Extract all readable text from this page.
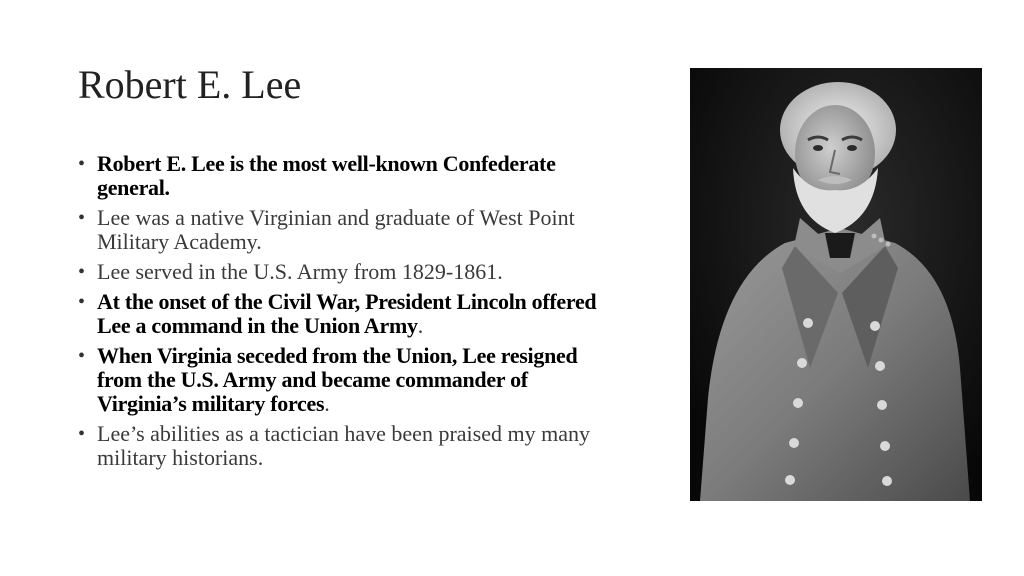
Robert E. Lee
• Robert E. Lee is the most well-known Confederate general.
• Lee was a native Virginian and graduate of West Point Military Academy.
• Lee served in the U.S. Army from 1829-1861.
• At the onset of the Civil War, President Lincoln offered Lee a command in the Union Army.
• When Virginia seceded from the Union, Lee resigned from the U.S. Army and became commander of Virginia’s military forces.
• Lee’s abilities as a tactician have been praised my many military historians.
